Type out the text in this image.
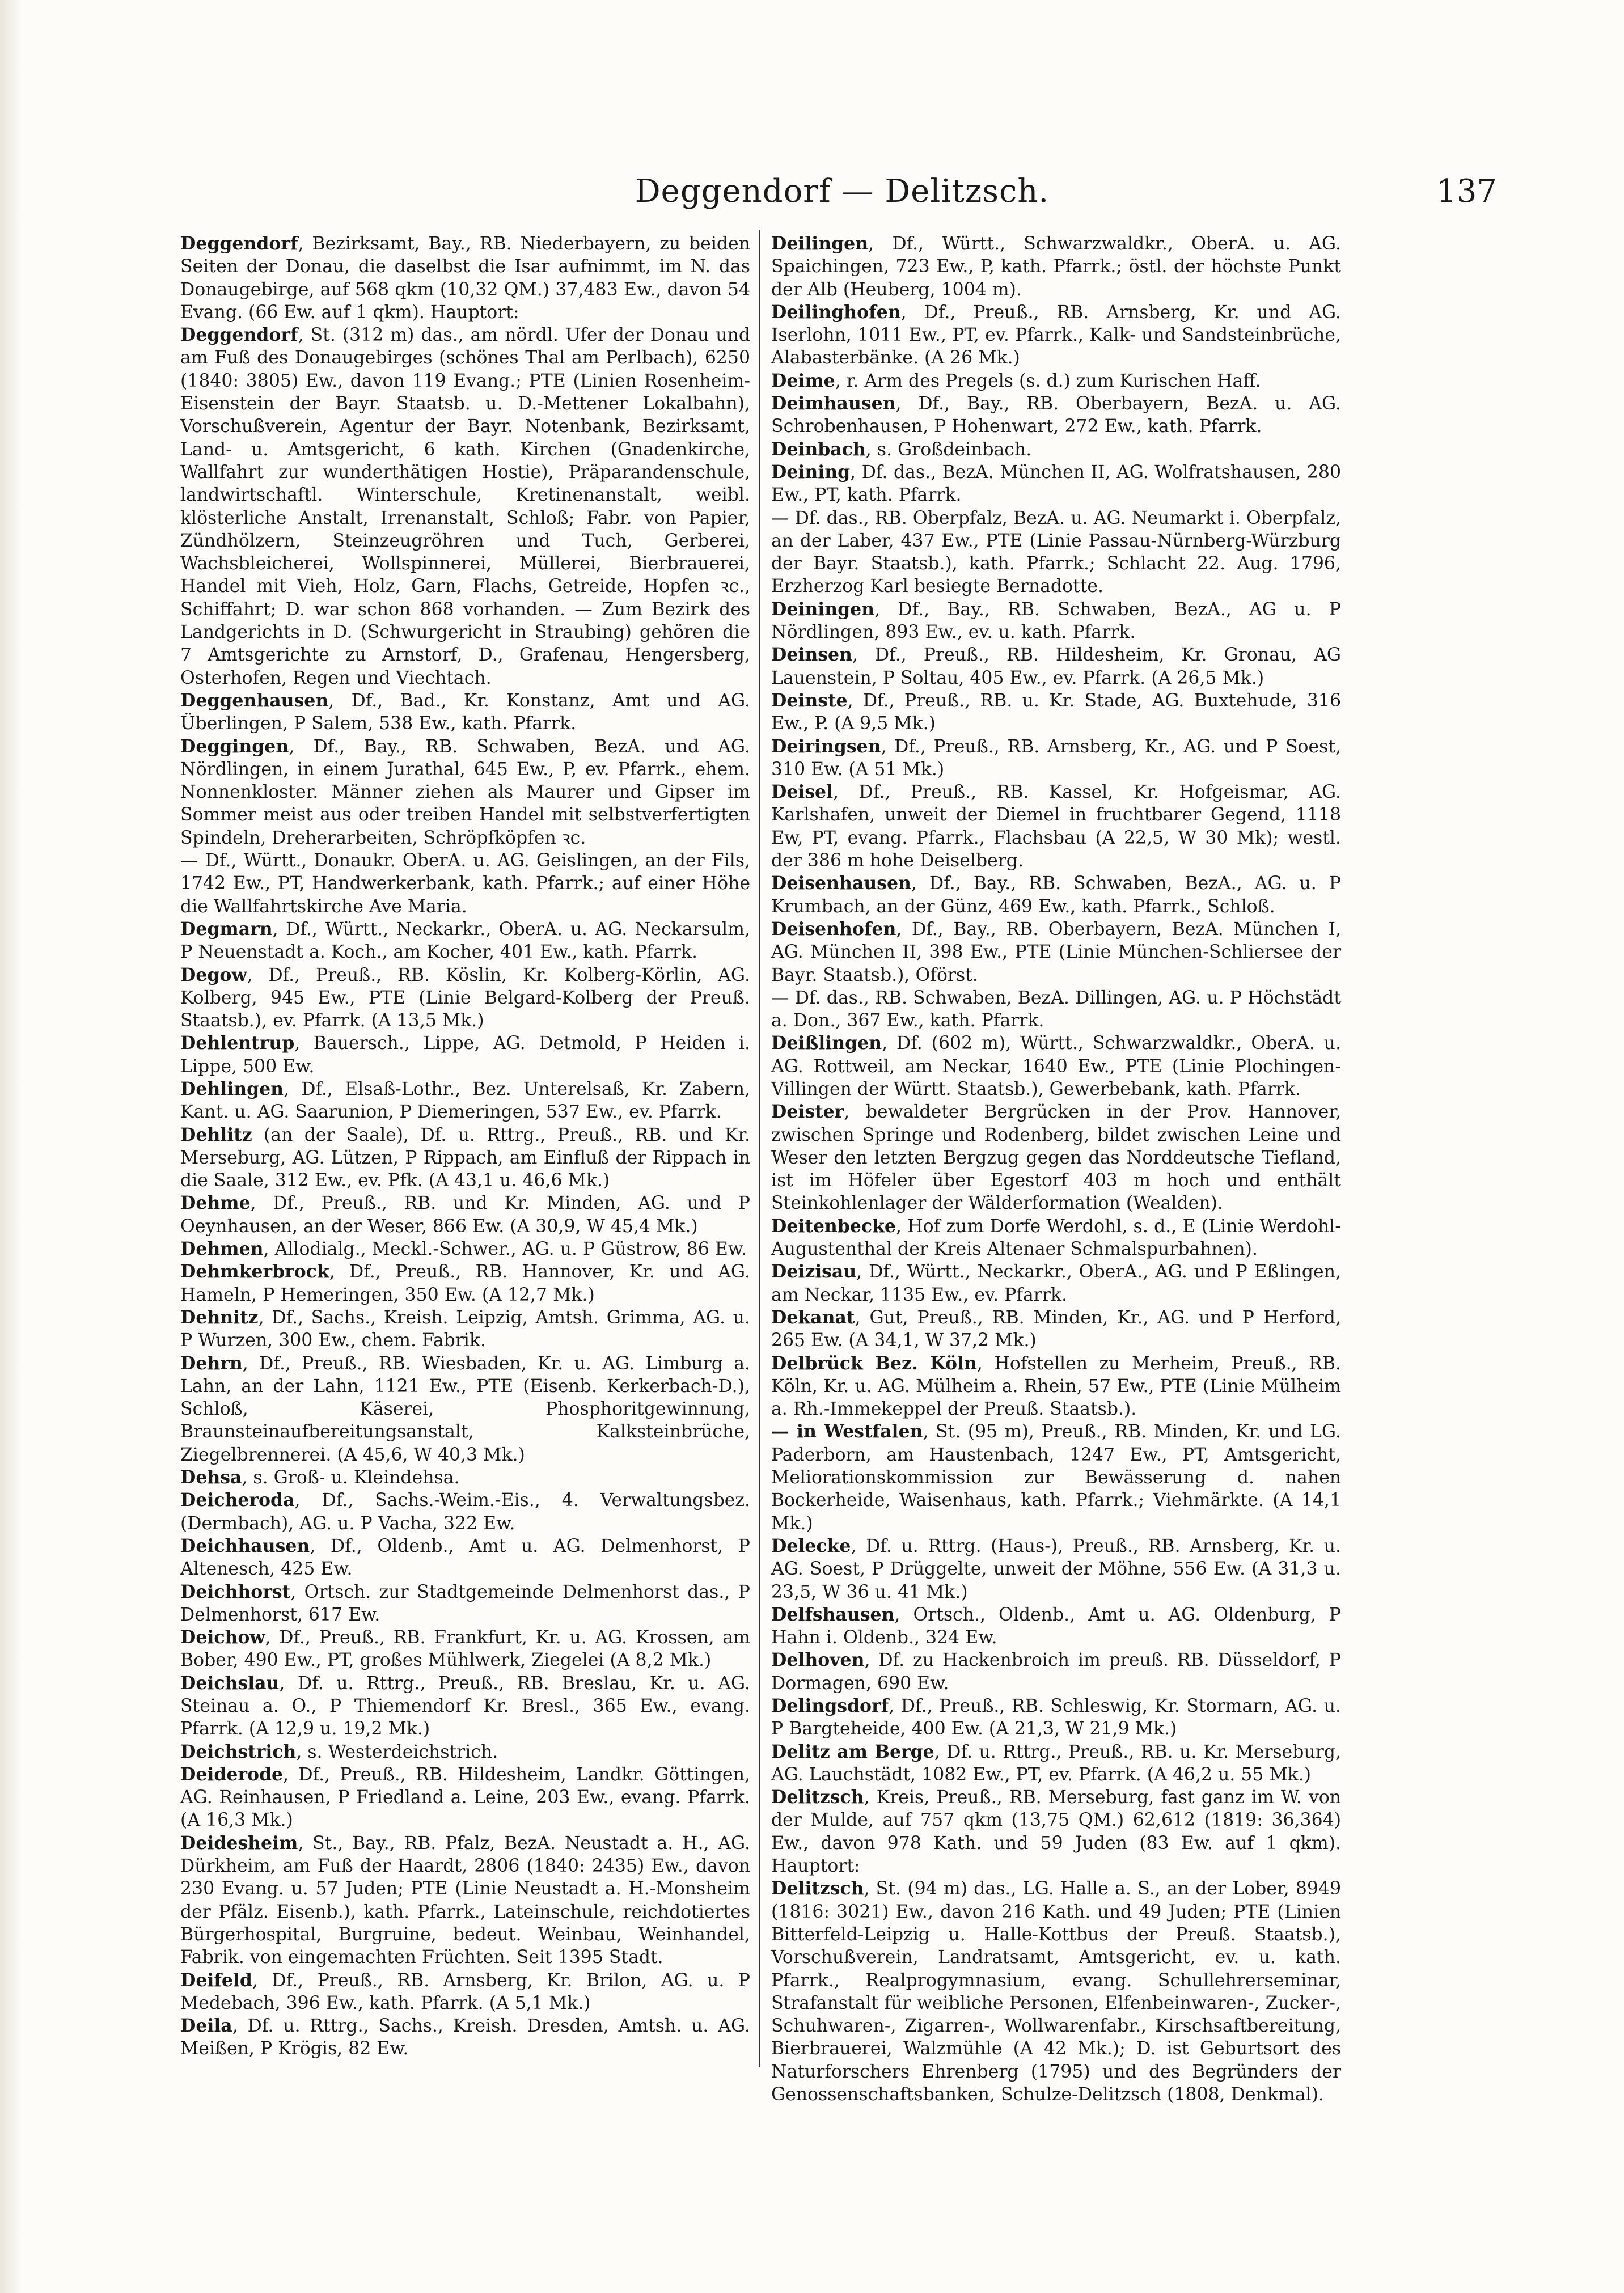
Deggendorf — Delitzsch.	137

Deggendorf, Bezirksamt, Bay., RB. Niederbayern, zu beiden Seiten der Donau, die daselbst die Isar aufnimmt, im N. das Donaugebirge, auf 568 qkm (10,32 QM.) 37,483 Ew., davon 54 Evang. (66 Ew. auf 1 qkm). Hauptort:

Deggendorf, St. (312 m) das., am nördl. Ufer der Donau und am Fuß des Donaugebirges (schönes Thal am Perlbach), 6250 (1840: 3805) Ew., davon 119 Evang.; PTE (Linien Rosenheim-Eisenstein der Bayr. Staatsb. u. D.-Mettener Lokalbahn), Vorschußverein, Agentur der Bayr. Notenbank, Bezirksamt, Land- u. Amtsgericht, 6 kath. Kirchen (Gnadenkirche, Wallfahrt zur wunderthätigen Hostie), Präparandenschule, landwirtschaftl. Winterschule, Kretinenanstalt, weibl. klösterliche Anstalt, Irrenanstalt, Schloß; Fabr. von Papier, Zündhölzern, Steinzeugröhren und Tuch, Gerberei, Wachsbleicherei, Wollspinnerei, Müllerei, Bierbrauerei, Handel mit Vieh, Holz, Garn, Flachs, Getreide, Hopfen ꝛc., Schiffahrt; D. war schon 868 vorhanden. — Zum Bezirk des Landgerichts in D. (Schwurgericht in Straubing) gehören die 7 Amtsgerichte zu Arnstorf, D., Grafenau, Hengersberg, Osterhofen, Regen und Viechtach.

Deggenhausen, Df., Bad., Kr. Konstanz, Amt und AG. Überlingen, P Salem, 538 Ew., kath. Pfarrk.

Deggingen, Df., Bay., RB. Schwaben, BezA. und AG. Nördlingen, in einem Jurathal, 645 Ew., P, ev. Pfarrk., ehem. Nonnenkloster. Männer ziehen als Maurer und Gipser im Sommer meist aus oder treiben Handel mit selbstverfertigten Spindeln, Dreherarbeiten, Schröpfköpfen ꝛc.

— Df., Württ., Donaukr. OberA. u. AG. Geislingen, an der Fils, 1742 Ew., PT, Handwerkerbank, kath. Pfarrk.; auf einer Höhe die Wallfahrtskirche Ave Maria.

Degmarn, Df., Württ., Neckarkr., OberA. u. AG. Neckarsulm, P Neuenstadt a. Koch., am Kocher, 401 Ew., kath. Pfarrk.

Degow, Df., Preuß., RB. Köslin, Kr. Kolberg-Körlin, AG. Kolberg, 945 Ew., PTE (Linie Belgard-Kolberg der Preuß. Staatsb.), ev. Pfarrk. (A 13,5 Mk.)

Dehlentrup, Bauersch., Lippe, AG. Detmold, P Heiden i. Lippe, 500 Ew.

Dehlingen, Df., Elsaß-Lothr., Bez. Unterelsaß, Kr. Zabern, Kant. u. AG. Saarunion, P Diemeringen, 537 Ew., ev. Pfarrk.

Dehlitz (an der Saale), Df. u. Rttrg., Preuß., RB. und Kr. Merseburg, AG. Lützen, P Rippach, am Einfluß der Rippach in die Saale, 312 Ew., ev. Pfk. (A 43,1 u. 46,6 Mk.)

Dehme, Df., Preuß., RB. und Kr. Minden, AG. und P Oeynhausen, an der Weser, 866 Ew. (A 30,9, W 45,4 Mk.)

Dehmen, Allodialg., Meckl.-Schwer., AG. u. P Güstrow, 86 Ew.

Dehmkerbrock, Df., Preuß., RB. Hannover, Kr. und AG. Hameln, P Hemeringen, 350 Ew. (A 12,7 Mk.)

Dehnitz, Df., Sachs., Kreish. Leipzig, Amtsh. Grimma, AG. u. P Wurzen, 300 Ew., chem. Fabrik.

Dehrn, Df., Preuß., RB. Wiesbaden, Kr. u. AG. Limburg a. Lahn, an der Lahn, 1121 Ew., PTE (Eisenb. Kerkerbach-D.), Schloß, Käserei, Phosphoritgewinnung, Braunsteinaufbereitungsanstalt, Kalksteinbrüche, Ziegelbrennerei. (A 45,6, W 40,3 Mk.)

Dehsa, s. Groß- u. Kleindehsa.

Deicheroda, Df., Sachs.-Weim.-Eis., 4. Verwaltungsbez. (Dermbach), AG. u. P Vacha, 322 Ew.

Deichhausen, Df., Oldenb., Amt u. AG. Delmenhorst, P Altenesch, 425 Ew.

Deichhorst, Ortsch. zur Stadtgemeinde Delmenhorst das., P Delmenhorst, 617 Ew.

Deichow, Df., Preuß., RB. Frankfurt, Kr. u. AG. Krossen, am Bober, 490 Ew., PT, großes Mühlwerk, Ziegelei (A 8,2 Mk.)

Deichslau, Df. u. Rttrg., Preuß., RB. Breslau, Kr. u. AG. Steinau a. O., P Thiemendorf Kr. Bresl., 365 Ew., evang. Pfarrk. (A 12,9 u. 19,2 Mk.)

Deichstrich, s. Westerdeichstrich.

Deiderode, Df., Preuß., RB. Hildesheim, Landkr. Göttingen, AG. Reinhausen, P Friedland a. Leine, 203 Ew., evang. Pfarrk. (A 16,3 Mk.)

Deidesheim, St., Bay., RB. Pfalz, BezA. Neustadt a. H., AG. Dürkheim, am Fuß der Haardt, 2806 (1840: 2435) Ew., davon 230 Evang. u. 57 Juden; PTE (Linie Neustadt a. H.-Monsheim der Pfälz. Eisenb.), kath. Pfarrk., Lateinschule, reichdotiertes Bürgerhospital, Burgruine, bedeut. Weinbau, Weinhandel, Fabrik. von eingemachten Früchten. Seit 1395 Stadt.

Deifeld, Df., Preuß., RB. Arnsberg, Kr. Brilon, AG. u. P Medebach, 396 Ew., kath. Pfarrk. (A 5,1 Mk.)

Deila, Df. u. Rttrg., Sachs., Kreish. Dresden, Amtsh. u. AG. Meißen, P Krögis, 82 Ew.

Deilingen, Df., Württ., Schwarzwaldkr., OberA. u. AG. Spaichingen, 723 Ew., P, kath. Pfarrk.; östl. der höchste Punkt der Alb (Heuberg, 1004 m).

Deilinghofen, Df., Preuß., RB. Arnsberg, Kr. und AG. Iserlohn, 1011 Ew., PT, ev. Pfarrk., Kalk- und Sandsteinbrüche, Alabasterbänke. (A 26 Mk.)

Deime, r. Arm des Pregels (s. d.) zum Kurischen Haff.

Deimhausen, Df., Bay., RB. Oberbayern, BezA. u. AG. Schrobenhausen, P Hohenwart, 272 Ew., kath. Pfarrk.

Deinbach, s. Großdeinbach.

Deining, Df. das., BezA. München II, AG. Wolfratshausen, 280 Ew., PT, kath. Pfarrk.

— Df. das., RB. Oberpfalz, BezA. u. AG. Neumarkt i. Oberpfalz, an der Laber, 437 Ew., PTE (Linie Passau-Nürnberg-Würzburg der Bayr. Staatsb.), kath. Pfarrk.; Schlacht 22. Aug. 1796, Erzherzog Karl besiegte Bernadotte.

Deiningen, Df., Bay., RB. Schwaben, BezA., AG u. P Nördlingen, 893 Ew., ev. u. kath. Pfarrk.

Deinsen, Df., Preuß., RB. Hildesheim, Kr. Gronau, AG Lauenstein, P Soltau, 405 Ew., ev. Pfarrk. (A 26,5 Mk.)

Deinste, Df., Preuß., RB. u. Kr. Stade, AG. Buxtehude, 316 Ew., P. (A 9,5 Mk.)

Deiringsen, Df., Preuß., RB. Arnsberg, Kr., AG. und P Soest, 310 Ew. (A 51 Mk.)

Deisel, Df., Preuß., RB. Kassel, Kr. Hofgeismar, AG. Karlshafen, unweit der Diemel in fruchtbarer Gegend, 1118 Ew, PT, evang. Pfarrk., Flachsbau (A 22,5, W 30 Mk); westl. der 386 m hohe Deiselberg.

Deisenhausen, Df., Bay., RB. Schwaben, BezA., AG. u. P Krumbach, an der Günz, 469 Ew., kath. Pfarrk., Schloß.

Deisenhofen, Df., Bay., RB. Oberbayern, BezA. München I, AG. München II, 398 Ew., PTE (Linie München-Schliersee der Bayr. Staatsb.), Oförst.

— Df. das., RB. Schwaben, BezA. Dillingen, AG. u. P Höchstädt a. Don., 367 Ew., kath. Pfarrk.

Deißlingen, Df. (602 m), Württ., Schwarzwaldkr., OberA. u. AG. Rottweil, am Neckar, 1640 Ew., PTE (Linie Plochingen-Villingen der Württ. Staatsb.), Gewerbebank, kath. Pfarrk.

Deister, bewaldeter Bergrücken in der Prov. Hannover, zwischen Springe und Rodenberg, bildet zwischen Leine und Weser den letzten Bergzug gegen das Norddeutsche Tiefland, ist im Höfeler über Egestorf 403 m hoch und enthält Steinkohlenlager der Wälderformation (Wealden).

Deitenbecke, Hof zum Dorfe Werdohl, s. d., E (Linie Werdohl-Augustenthal der Kreis Altenaer Schmalspurbahnen).

Deizisau, Df., Württ., Neckarkr., OberA., AG. und P Eßlingen, am Neckar, 1135 Ew., ev. Pfarrk.

Dekanat, Gut, Preuß., RB. Minden, Kr., AG. und P Herford, 265 Ew. (A 34,1, W 37,2 Mk.)

Delbrück Bez. Köln, Hofstellen zu Merheim, Preuß., RB. Köln, Kr. u. AG. Mülheim a. Rhein, 57 Ew., PTE (Linie Mülheim a. Rh.-Immekeppel der Preuß. Staatsb.).

— in Westfalen, St. (95 m), Preuß., RB. Minden, Kr. und LG. Paderborn, am Haustenbach, 1247 Ew., PT, Amtsgericht, Meliorationskommission zur Bewässerung d. nahen Bockerheide, Waisenhaus, kath. Pfarrk.; Viehmärkte. (A 14,1 Mk.)

Delecke, Df. u. Rttrg. (Haus-), Preuß., RB. Arnsberg, Kr. u. AG. Soest, P Drüggelte, unweit der Möhne, 556 Ew. (A 31,3 u. 23,5, W 36 u. 41 Mk.)

Delfshausen, Ortsch., Oldenb., Amt u. AG. Oldenburg, P Hahn i. Oldenb., 324 Ew.

Delhoven, Df. zu Hackenbroich im preuß. RB. Düsseldorf, P Dormagen, 690 Ew.

Delingsdorf, Df., Preuß., RB. Schleswig, Kr. Stormarn, AG. u. P Bargteheide, 400 Ew. (A 21,3, W 21,9 Mk.)

Delitz am Berge, Df. u. Rttrg., Preuß., RB. u. Kr. Merseburg, AG. Lauchstädt, 1082 Ew., PT, ev. Pfarrk. (A 46,2 u. 55 Mk.)

Delitzsch, Kreis, Preuß., RB. Merseburg, fast ganz im W. von der Mulde, auf 757 qkm (13,75 QM.) 62,612 (1819: 36,364) Ew., davon 978 Kath. und 59 Juden (83 Ew. auf 1 qkm). Hauptort:

Delitzsch, St. (94 m) das., LG. Halle a. S., an der Lober, 8949 (1816: 3021) Ew., davon 216 Kath. und 49 Juden; PTE (Linien Bitterfeld-Leipzig u. Halle-Kottbus der Preuß. Staatsb.), Vorschußverein, Landratsamt, Amtsgericht, ev. u. kath. Pfarrk., Realprogymnasium, evang. Schullehrerseminar, Strafanstalt für weibliche Personen, Elfenbeinwaren-, Zucker-, Schuhwaren-, Zigarren-, Wollwarenfabr., Kirschsaftbereitung, Bierbrauerei, Walzmühle (A 42 Mk.); D. ist Geburtsort des Naturforschers Ehrenberg (1795) und des Begründers der Genossenschaftsbanken, Schulze-Delitzsch (1808, Denkmal).
